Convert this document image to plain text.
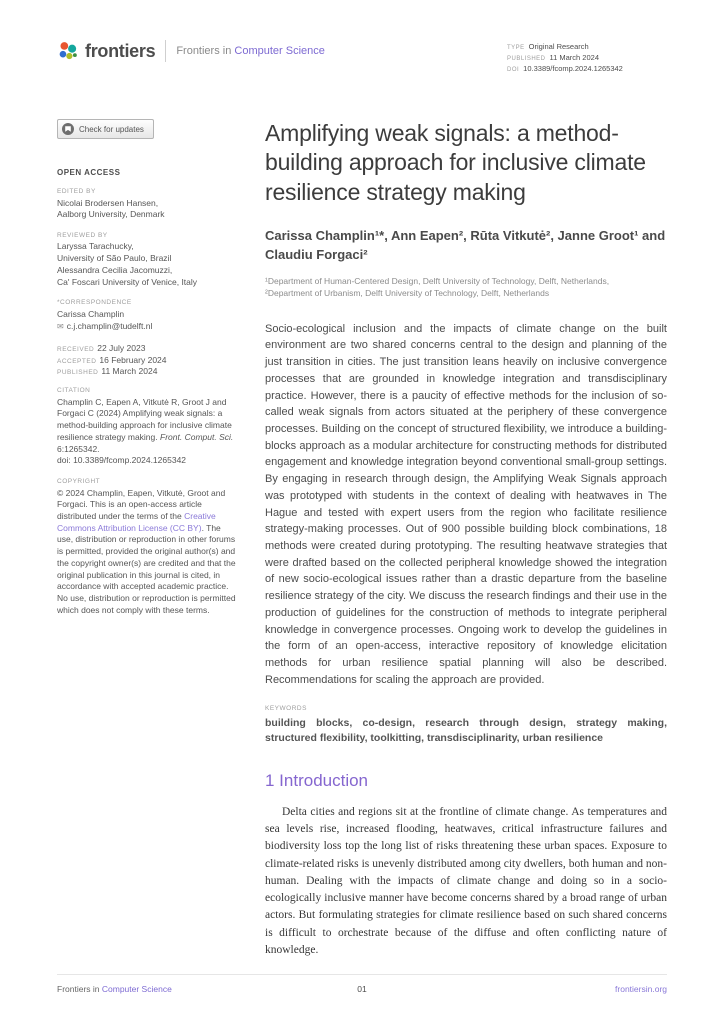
frontiers Frontiers in Computer Science	TYPE Original Research
PUBLISHED 11 March 2024
DOI 10.3389/fcomp.2024.1265342
Check for updates
OPEN ACCESS
EDITED BY
Nicolai Brodersen Hansen,
Aalborg University, Denmark
REVIEWED BY
Laryssa Tarachucky,
University of São Paulo, Brazil
Alessandra Cecilia Jacomuzzi,
Ca' Foscari University of Venice, Italy
*CORRESPONDENCE
Carissa Champlin
✉ c.j.champlin@tudelft.nl
RECEIVED 22 July 2023
ACCEPTED 16 February 2024
PUBLISHED 11 March 2024
CITATION
Champlin C, Eapen A, Vitkutė R, Groot J and Forgaci C (2024) Amplifying weak signals: a method-building approach for inclusive climate resilience strategy making. Front. Comput. Sci. 6:1265342.
doi: 10.3389/fcomp.2024.1265342
COPYRIGHT
© 2024 Champlin, Eapen, Vitkutė, Groot and Forgaci. This is an open-access article distributed under the terms of the Creative Commons Attribution License (CC BY). The use, distribution or reproduction in other forums is permitted, provided the original author(s) and the copyright owner(s) are credited and that the original publication in this journal is cited, in accordance with accepted academic practice. No use, distribution or reproduction is permitted which does not comply with these terms.
Amplifying weak signals: a method-building approach for inclusive climate resilience strategy making
Carissa Champlin¹*, Ann Eapen², Rūta Vitkutė², Janne Groot¹ and Claudiu Forgaci²
¹Department of Human-Centered Design, Delft University of Technology, Delft, Netherlands,
²Department of Urbanism, Delft University of Technology, Delft, Netherlands

Socio-ecological inclusion and the impacts of climate change on the built environment are two shared concerns central to the design and planning of the just transition in cities. The just transition leans heavily on inclusive convergence processes that are grounded in knowledge integration and transdisciplinary practice. However, there is a paucity of effective methods for the inclusion of so-called weak signals from actors situated at the periphery of these convergence processes. Building on the concept of structured flexibility, we introduce a building-blocks approach as a modular architecture for constructing methods for distributed engagement and knowledge integration beyond conventional small-group settings. By engaging in research through design, the Amplifying Weak Signals approach was prototyped with students in the context of dealing with heatwaves in The Hague and tested with expert users from the region who facilitate resilience strategy-making processes. Out of 900 possible building block combinations, 18 methods were created during prototyping. The resulting heatwave strategies that were drafted based on the collected peripheral knowledge showed the integration of new socio-ecological issues rather than a drastic departure from the baseline resilience strategy of the city. We discuss the research findings and their use in the production of guidelines for the construction of methods to integrate peripheral knowledge in convergence processes. Ongoing work to develop the guidelines in the form of an open-access, interactive repository of knowledge elicitation methods for urban resilience spatial planning will also be described. Recommendations for scaling the approach are provided.

KEYWORDS
building blocks, co-design, research through design, strategy making, structured flexibility, toolkitting, transdisciplinarity, urban resilience
1 Introduction

Delta cities and regions sit at the frontline of climate change. As temperatures and sea levels rise, increased flooding, heatwaves, critical infrastructure failures and biodiversity loss top the long list of risks threatening these urban spaces. Exposure to climate-related risks is unevenly distributed among city dwellers, both human and non-human. Dealing with the impacts of climate change and doing so in a socio-ecologically inclusive manner have become concerns shared by a broad range of urban actors. But formulating strategies for climate resilience based on such shared concerns is difficult to orchestrate because of the diffuse and often conflicting nature of knowledge.

Frontiers in Computer Science	01	frontiersin.org
